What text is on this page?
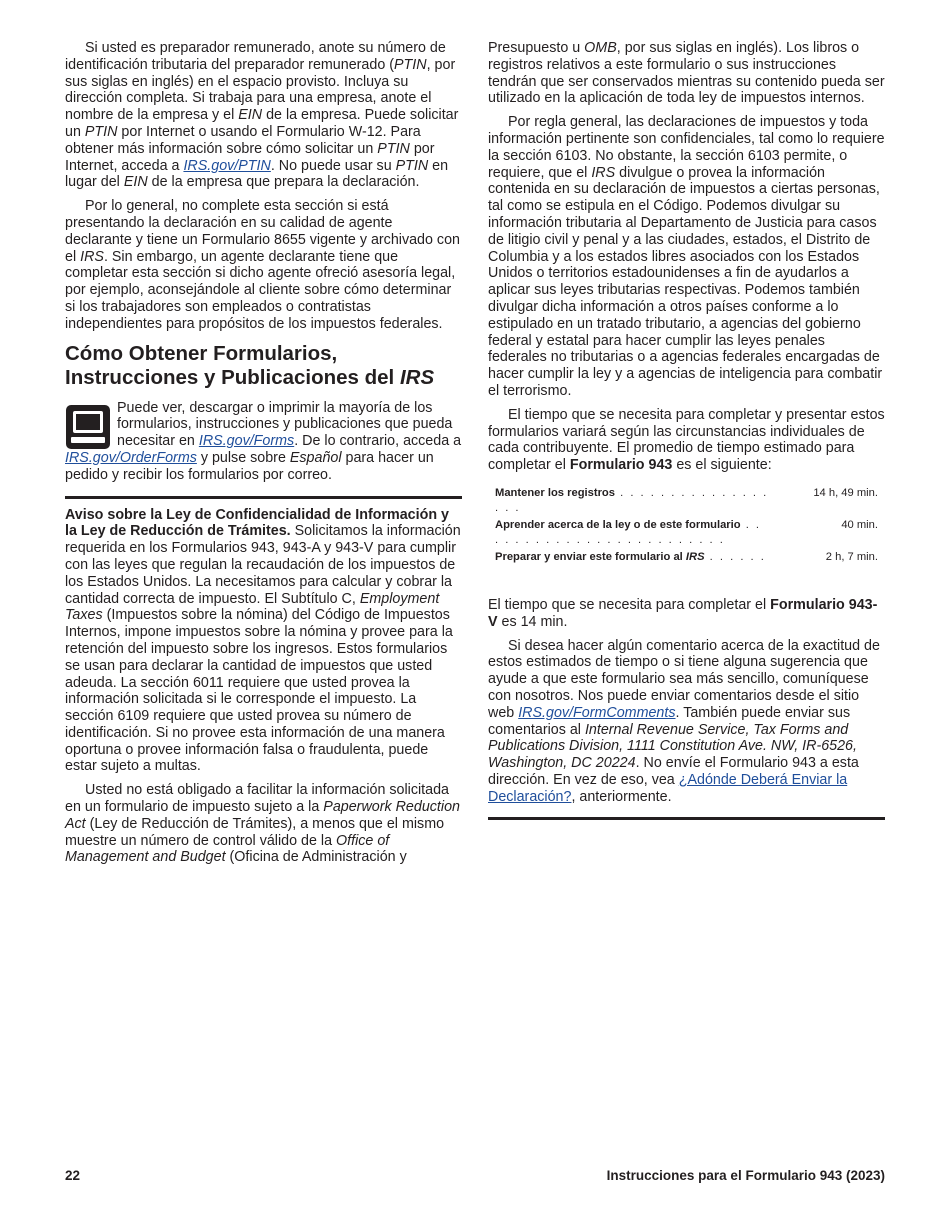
Si usted es preparador remunerado, anote su número de identificación tributaria del preparador remunerado (PTIN, por sus siglas en inglés) en el espacio provisto. Incluya su dirección completa. Si trabaja para una empresa, anote el nombre de la empresa y el EIN de la empresa. Puede solicitar un PTIN por Internet o usando el Formulario W-12. Para obtener más información sobre cómo solicitar un PTIN por Internet, acceda a IRS.gov/PTIN. No puede usar su PTIN en lugar del EIN de la empresa que prepara la declaración.

Por lo general, no complete esta sección si está presentando la declaración en su calidad de agente declarante y tiene un Formulario 8655 vigente y archivado con el IRS. Sin embargo, un agente declarante tiene que completar esta sección si dicho agente ofreció asesoría legal, por ejemplo, aconsejándole al cliente sobre cómo determinar si los trabajadores son empleados o contratistas independientes para propósitos de los impuestos federales.

Cómo Obtener Formularios, Instrucciones y Publicaciones del IRS
Puede ver, descargar o imprimir la mayoría de los formularios, instrucciones y publicaciones que pueda necesitar en IRS.gov/Forms. De lo contrario, acceda a IRS.gov/OrderForms y pulse sobre Español para hacer un pedido y recibir los formularios por correo.

Aviso sobre la Ley de Confidencialidad de Información y la Ley de Reducción de Trámites. Solicitamos la información requerida en los Formularios 943, 943-A y 943-V para cumplir con las leyes que regulan la recaudación de los impuestos de los Estados Unidos. La necesitamos para calcular y cobrar la cantidad correcta de impuesto. El Subtítulo C, Employment Taxes (Impuestos sobre la nómina) del Código de Impuestos Internos, impone impuestos sobre la nómina y provee para la retención del impuesto sobre los ingresos. Estos formularios se usan para declarar la cantidad de impuestos que usted adeuda. La sección 6011 requiere que usted provea la información solicitada si le corresponde el impuesto. La sección 6109 requiere que usted provea su número de identificación. Si no provee esta información de una manera oportuna o provee información falsa o fraudulenta, puede estar sujeto a multas.

Usted no está obligado a facilitar la información solicitada en un formulario de impuesto sujeto a la Paperwork Reduction Act (Ley de Reducción de Trámites), a menos que el mismo muestre un número de control válido de la Office of Management and Budget (Oficina de Administración y

Presupuesto u OMB, por sus siglas en inglés). Los libros o registros relativos a este formulario o sus instrucciones tendrán que ser conservados mientras su contenido pueda ser utilizado en la aplicación de toda ley de impuestos internos.

Por regla general, las declaraciones de impuestos y toda información pertinente son confidenciales, tal como lo requiere la sección 6103. No obstante, la sección 6103 permite, o requiere, que el IRS divulgue o provea la información contenida en su declaración de impuestos a ciertas personas, tal como se estipula en el Código. Podemos divulgar su información tributaria al Departamento de Justicia para casos de litigio civil y penal y a las ciudades, estados, el Distrito de Columbia y a los estados libres asociados con los Estados Unidos o territorios estadounidenses a fin de ayudarlos a aplicar sus leyes tributarias respectivas. Podemos también divulgar dicha información a otros países conforme a lo estipulado en un tratado tributario, a agencias del gobierno federal y estatal para hacer cumplir las leyes penales federales no tributarias o a agencias federales encargadas de hacer cumplir la ley y a agencias de inteligencia para combatir el terrorismo.

El tiempo que se necesita para completar y presentar estos formularios variará según las circunstancias individuales de cada contribuyente. El promedio de tiempo estimado para completar el Formulario 943 es el siguiente:

Mantener los registros . . . . . . . . . . . . . . . . . .	14 h, 49 min.
Aprender acerca de la ley o de este formulario . . . . . . . . . . . . . . . . . . . . . . . . .	40 min.
Preparar y enviar este formulario al IRS . . . . . .	2 h, 7 min.

El tiempo que se necesita para completar el Formulario 943-V es 14 min.

Si desea hacer algún comentario acerca de la exactitud de estos estimados de tiempo o si tiene alguna sugerencia que ayude a que este formulario sea más sencillo, comuníquese con nosotros. Nos puede enviar comentarios desde el sitio web IRS.gov/FormComments. También puede enviar sus comentarios al Internal Revenue Service, Tax Forms and Publications Division, 1111 Constitution Ave. NW, IR-6526, Washington, DC 20224. No envíe el Formulario 943 a esta dirección. En vez de eso, vea ¿Adónde Deberá Enviar la Declaración?, anteriormente.

22	Instrucciones para el Formulario 943 (2023)
